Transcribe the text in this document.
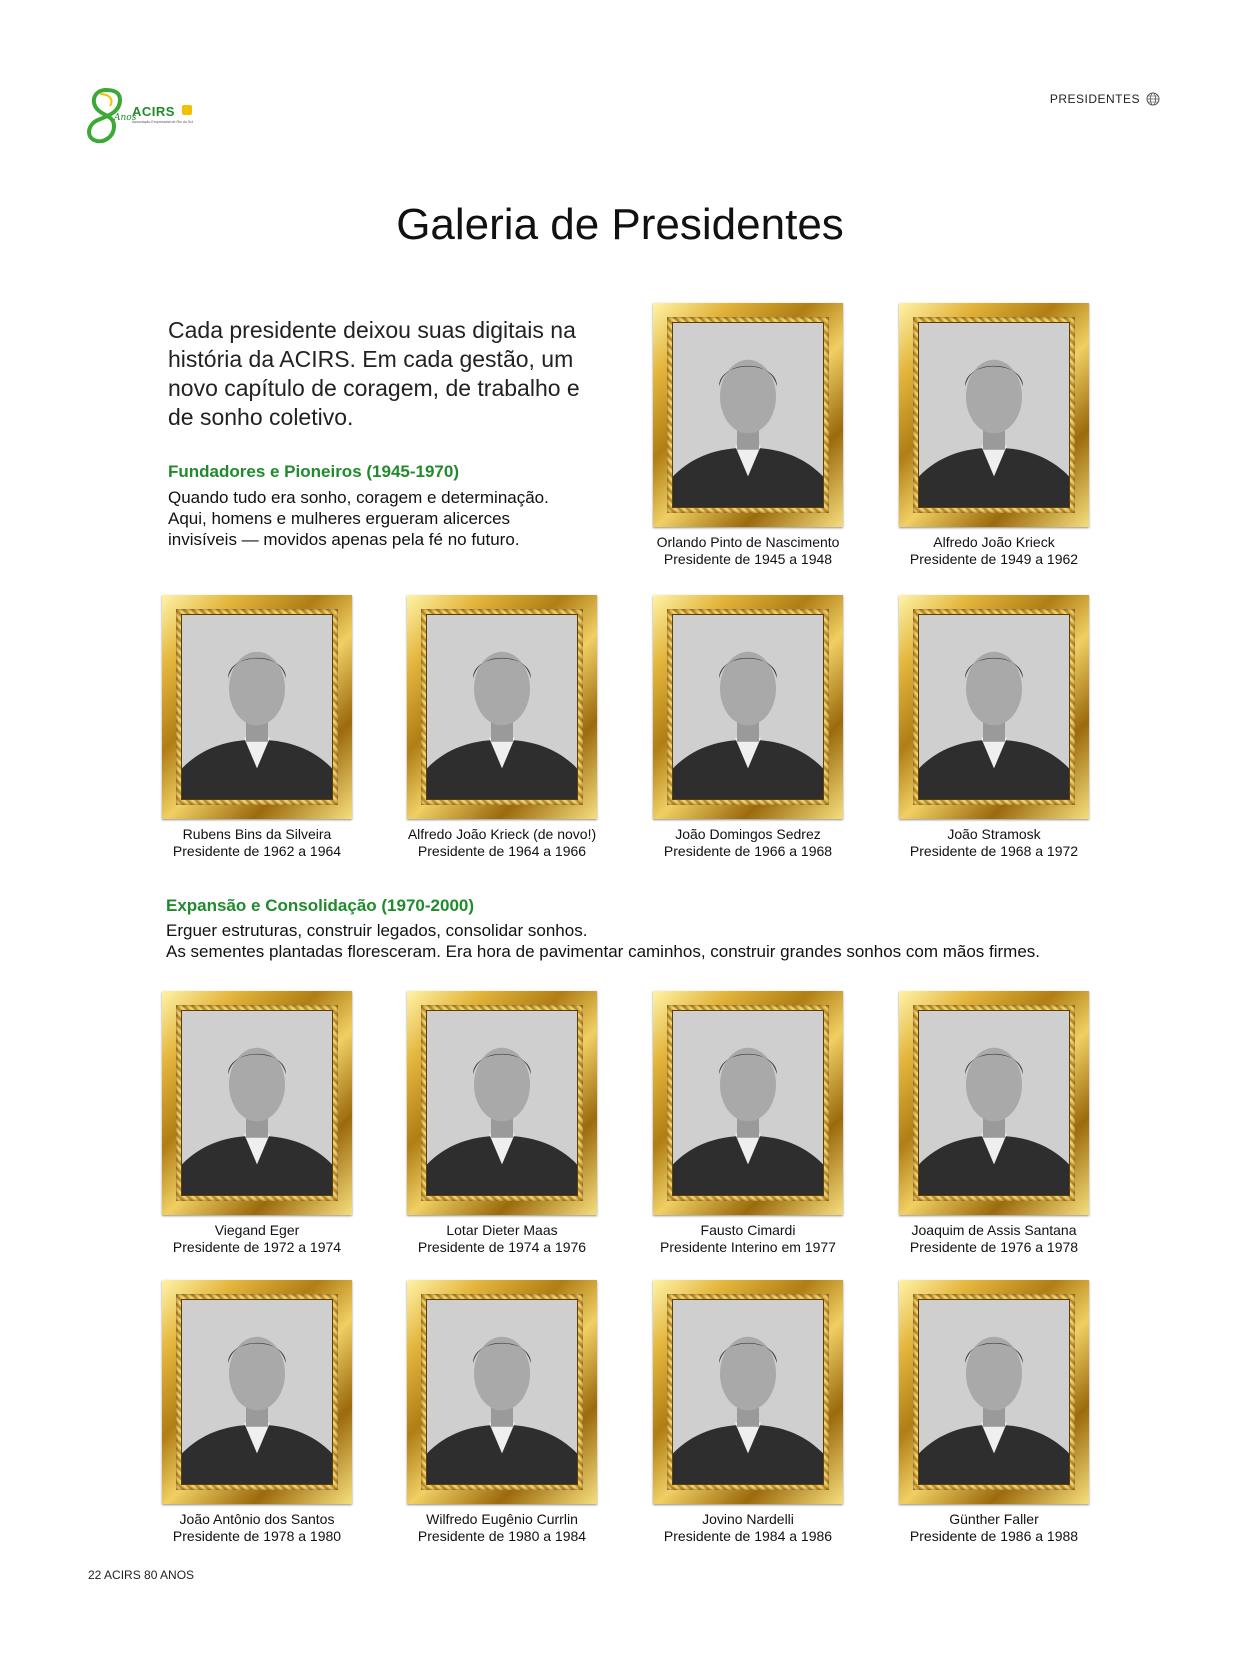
Anos
ACIRS
Associação Empresarial de Rio do Sul
PRESIDENTES
Galeria de Presidentes

Cada presidente deixou suas digitais na história da ACIRS. Em cada gestão, um novo capítulo de coragem, de trabalho e de sonho coletivo.

Fundadores e Pioneiros (1945-1970)
Quando tudo era sonho, coragem e determinação.
Aqui, homens e mulheres ergueram alicerces
invisíveis — movidos apenas pela fé no futuro.
Expansão e Consolidação (1970-2000)
Erguer estruturas, construir legados, consolidar sonhos.
As sementes plantadas floresceram. Era hora de pavimentar caminhos, construir grandes sonhos com mãos firmes.
Orlando Pinto de Nascimento
Presidente de 1945 a 1948
Alfredo João Krieck
Presidente de 1949 a 1962
Rubens Bins da Silveira
Presidente de 1962 a 1964
Alfredo João Krieck (de novo!)
Presidente de 1964 a 1966
João Domingos Sedrez
Presidente de 1966 a 1968
João Stramosk
Presidente de 1968 a 1972
Viegand Eger
Presidente de 1972 a 1974
Lotar Dieter Maas
Presidente de 1974 a 1976
Fausto Cimardi
Presidente Interino em 1977
Joaquim de Assis Santana
Presidente de 1976 a 1978
João Antônio dos Santos
Presidente de 1978 a 1980
Wilfredo Eugênio Currlin
Presidente de 1980 a 1984
Jovino Nardelli
Presidente de 1984 a 1986
Günther Faller
Presidente de 1986 a 1988
22 ACIRS 80 ANOS
